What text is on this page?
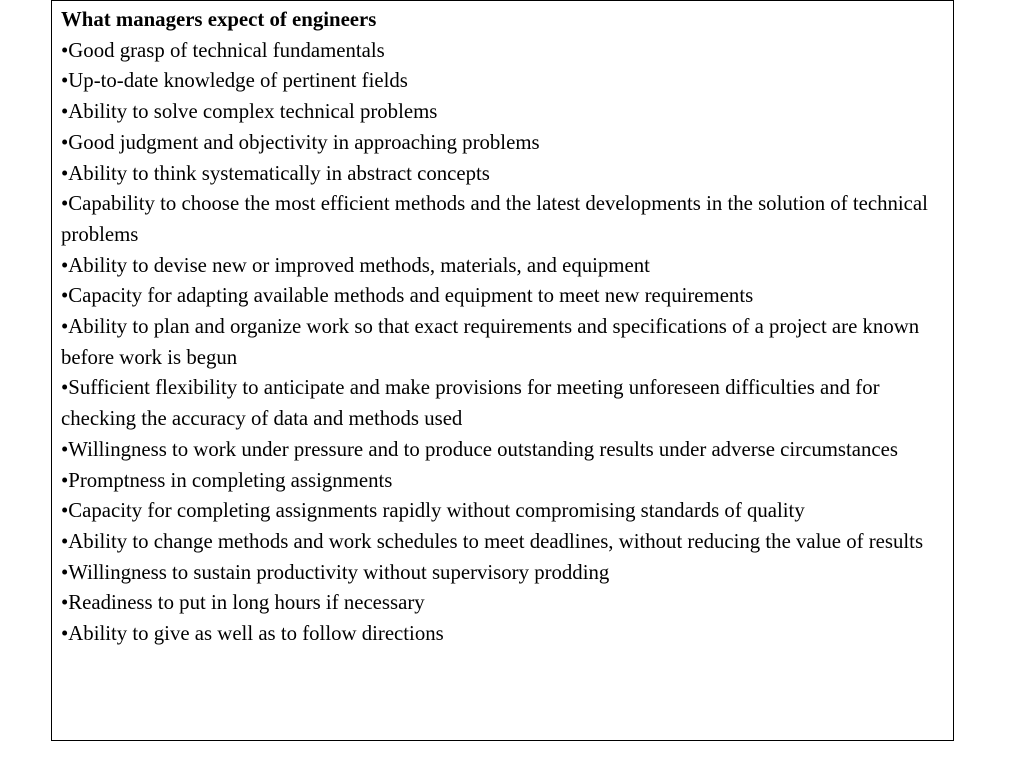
What managers expect of engineers
•Good grasp of technical fundamentals
•Up-to-date knowledge of pertinent fields
•Ability to solve complex technical problems
•Good judgment and objectivity in approaching problems
•Ability to think systematically in abstract concepts
•Capability to choose the most efficient methods and the latest developments in the solution of technical problems
•Ability to devise new or improved methods, materials, and equipment
•Capacity for adapting available methods and equipment to meet new requirements
•Ability to plan and organize work so that exact requirements and specifications of a project are known before work is begun
•Sufficient flexibility to anticipate and make provisions for meeting unforeseen difficulties and for checking the accuracy of data and methods used
•Willingness to work under pressure and to produce outstanding results under adverse circumstances
•Promptness in completing assignments
•Capacity for completing assignments rapidly without compromising standards of quality
•Ability to change methods and work schedules to meet deadlines, without reducing the value of results
•Willingness to sustain productivity without supervisory prodding
•Readiness to put in long hours if necessary
•Ability to give as well as to follow directions
